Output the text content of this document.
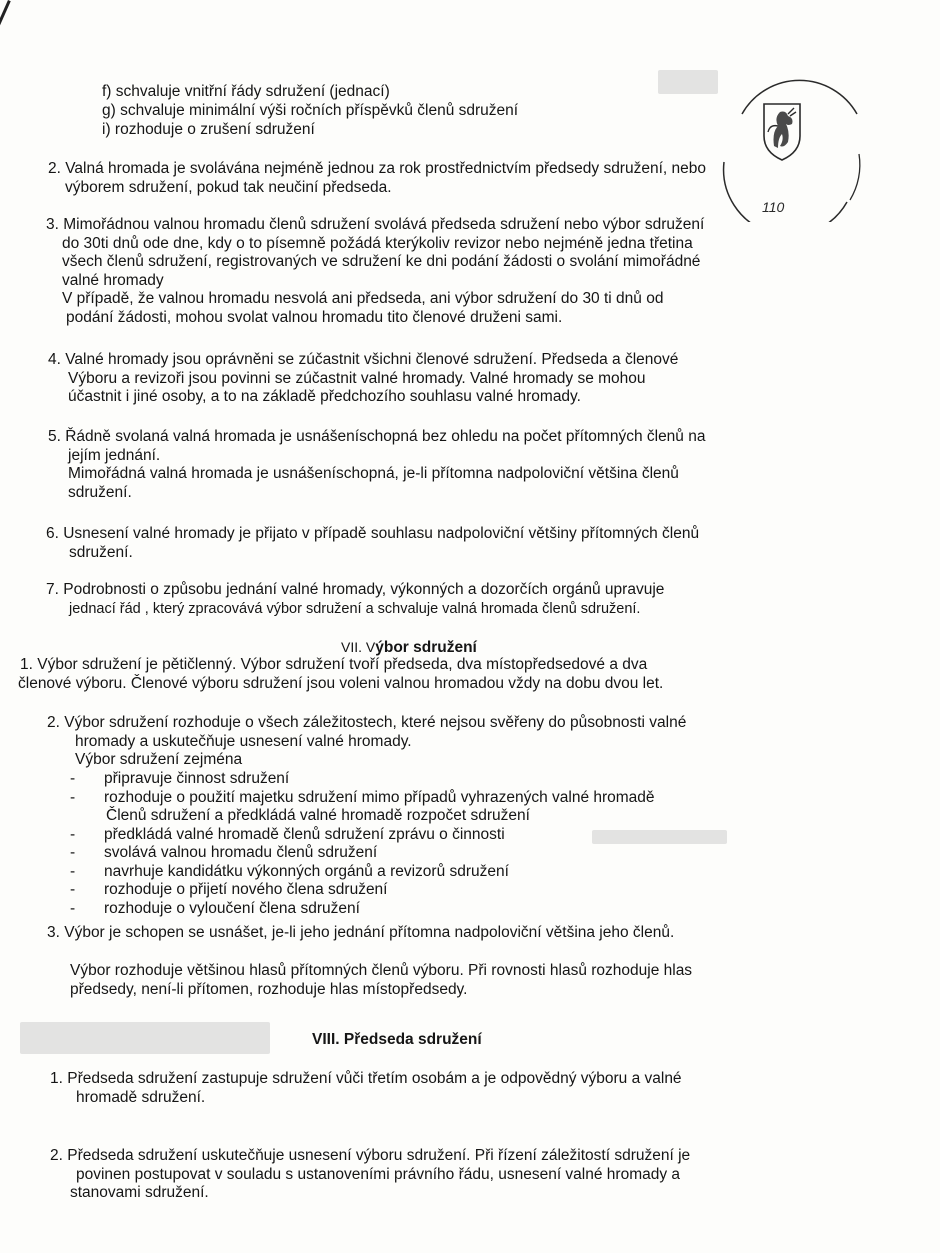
f) schvaluje vnitřní řády sdružení (jednací)
g) schvaluje minimální výši ročních příspěvků členů sdružení
i) rozhoduje o zrušení sdružení
2. Valná hromada je svolávána nejméně jednou za rok prostřednictvím předsedy sdružení, nebo
výborem sdružení, pokud tak neučiní předseda.
3. Mimořádnou valnou hromadu členů sdružení svolává předseda sdružení nebo výbor sdružení
do 30ti dnů ode dne, kdy o to písemně požádá kterýkoliv revizor nebo nejméně jedna třetina
všech členů sdružení, registrovaných ve sdružení ke dni podání žádosti o svolání mimořádné
valné hromady
V případě, že valnou hromadu nesvolá ani předseda, ani výbor sdružení do 30 ti dnů od
podání žádosti, mohou svolat valnou hromadu tito členové druženi sami.
4. Valné hromady jsou oprávněni se zúčastnit všichni členové sdružení. Předseda a členové
Výboru a revizoři jsou povinni se zúčastnit valné hromady. Valné hromady se mohou
účastnit i jiné osoby, a to na základě předchozího souhlasu valné hromady.
5. Řádně svolaná valná hromada je usnášeníschopná bez ohledu na počet přítomných členů na
jejím jednání.
Mimořádná valná hromada je usnášeníschopná, je-li přítomna nadpoloviční většina členů
sdružení.
6. Usnesení valné hromady je přijato v případě souhlasu nadpoloviční většiny přítomných členů
sdružení.
7. Podrobnosti o způsobu jednání valné hromady, výkonných a dozorčích orgánů upravuje
jednací řád , který zpracovává výbor sdružení a schvaluje valná hromada členů sdružení.
VII. Výbor sdružení
1. Výbor sdružení je pětičlenný. Výbor sdružení tvoří předseda, dva místopředsedové a dva
členové výboru. Členové výboru sdružení jsou voleni valnou hromadou vždy na dobu dvou let.
2. Výbor sdružení rozhoduje o všech záležitostech, které nejsou svěřeny do působnosti valné
hromady a uskutečňuje usnesení valné hromady.
Výbor sdružení zejména
- připravuje činnost sdružení
- rozhoduje o použití majetku sdružení mimo případů vyhrazených valné hromadě
Členů sdružení a předkládá valné hromadě rozpočet sdružení
- předkládá valné hromadě členů sdružení zprávu o činnosti
- svolává valnou hromadu členů sdružení
- navrhuje kandidátku výkonných orgánů a revizorů sdružení
- rozhoduje o přijetí nového člena sdružení
- rozhoduje o vyloučení člena sdružení
3. Výbor je schopen se usnášet, je-li jeho jednání přítomna nadpoloviční většina jeho členů.
Výbor rozhoduje většinou hlasů přítomných členů výboru. Při rovnosti hlasů rozhoduje hlas
předsedy, není-li přítomen, rozhoduje hlas místopředsedy.
VIII. Předseda sdružení
1. Předseda sdružení zastupuje sdružení vůči třetím osobám a je odpovědný výboru a valné
hromadě sdružení.
2. Předseda sdružení uskutečňuje usnesení výboru sdružení. Při řízení záležitostí sdružení je
povinen postupovat v souladu s ustanoveními právního řádu, usnesení valné hromady a
stanovami sdružení.
110
